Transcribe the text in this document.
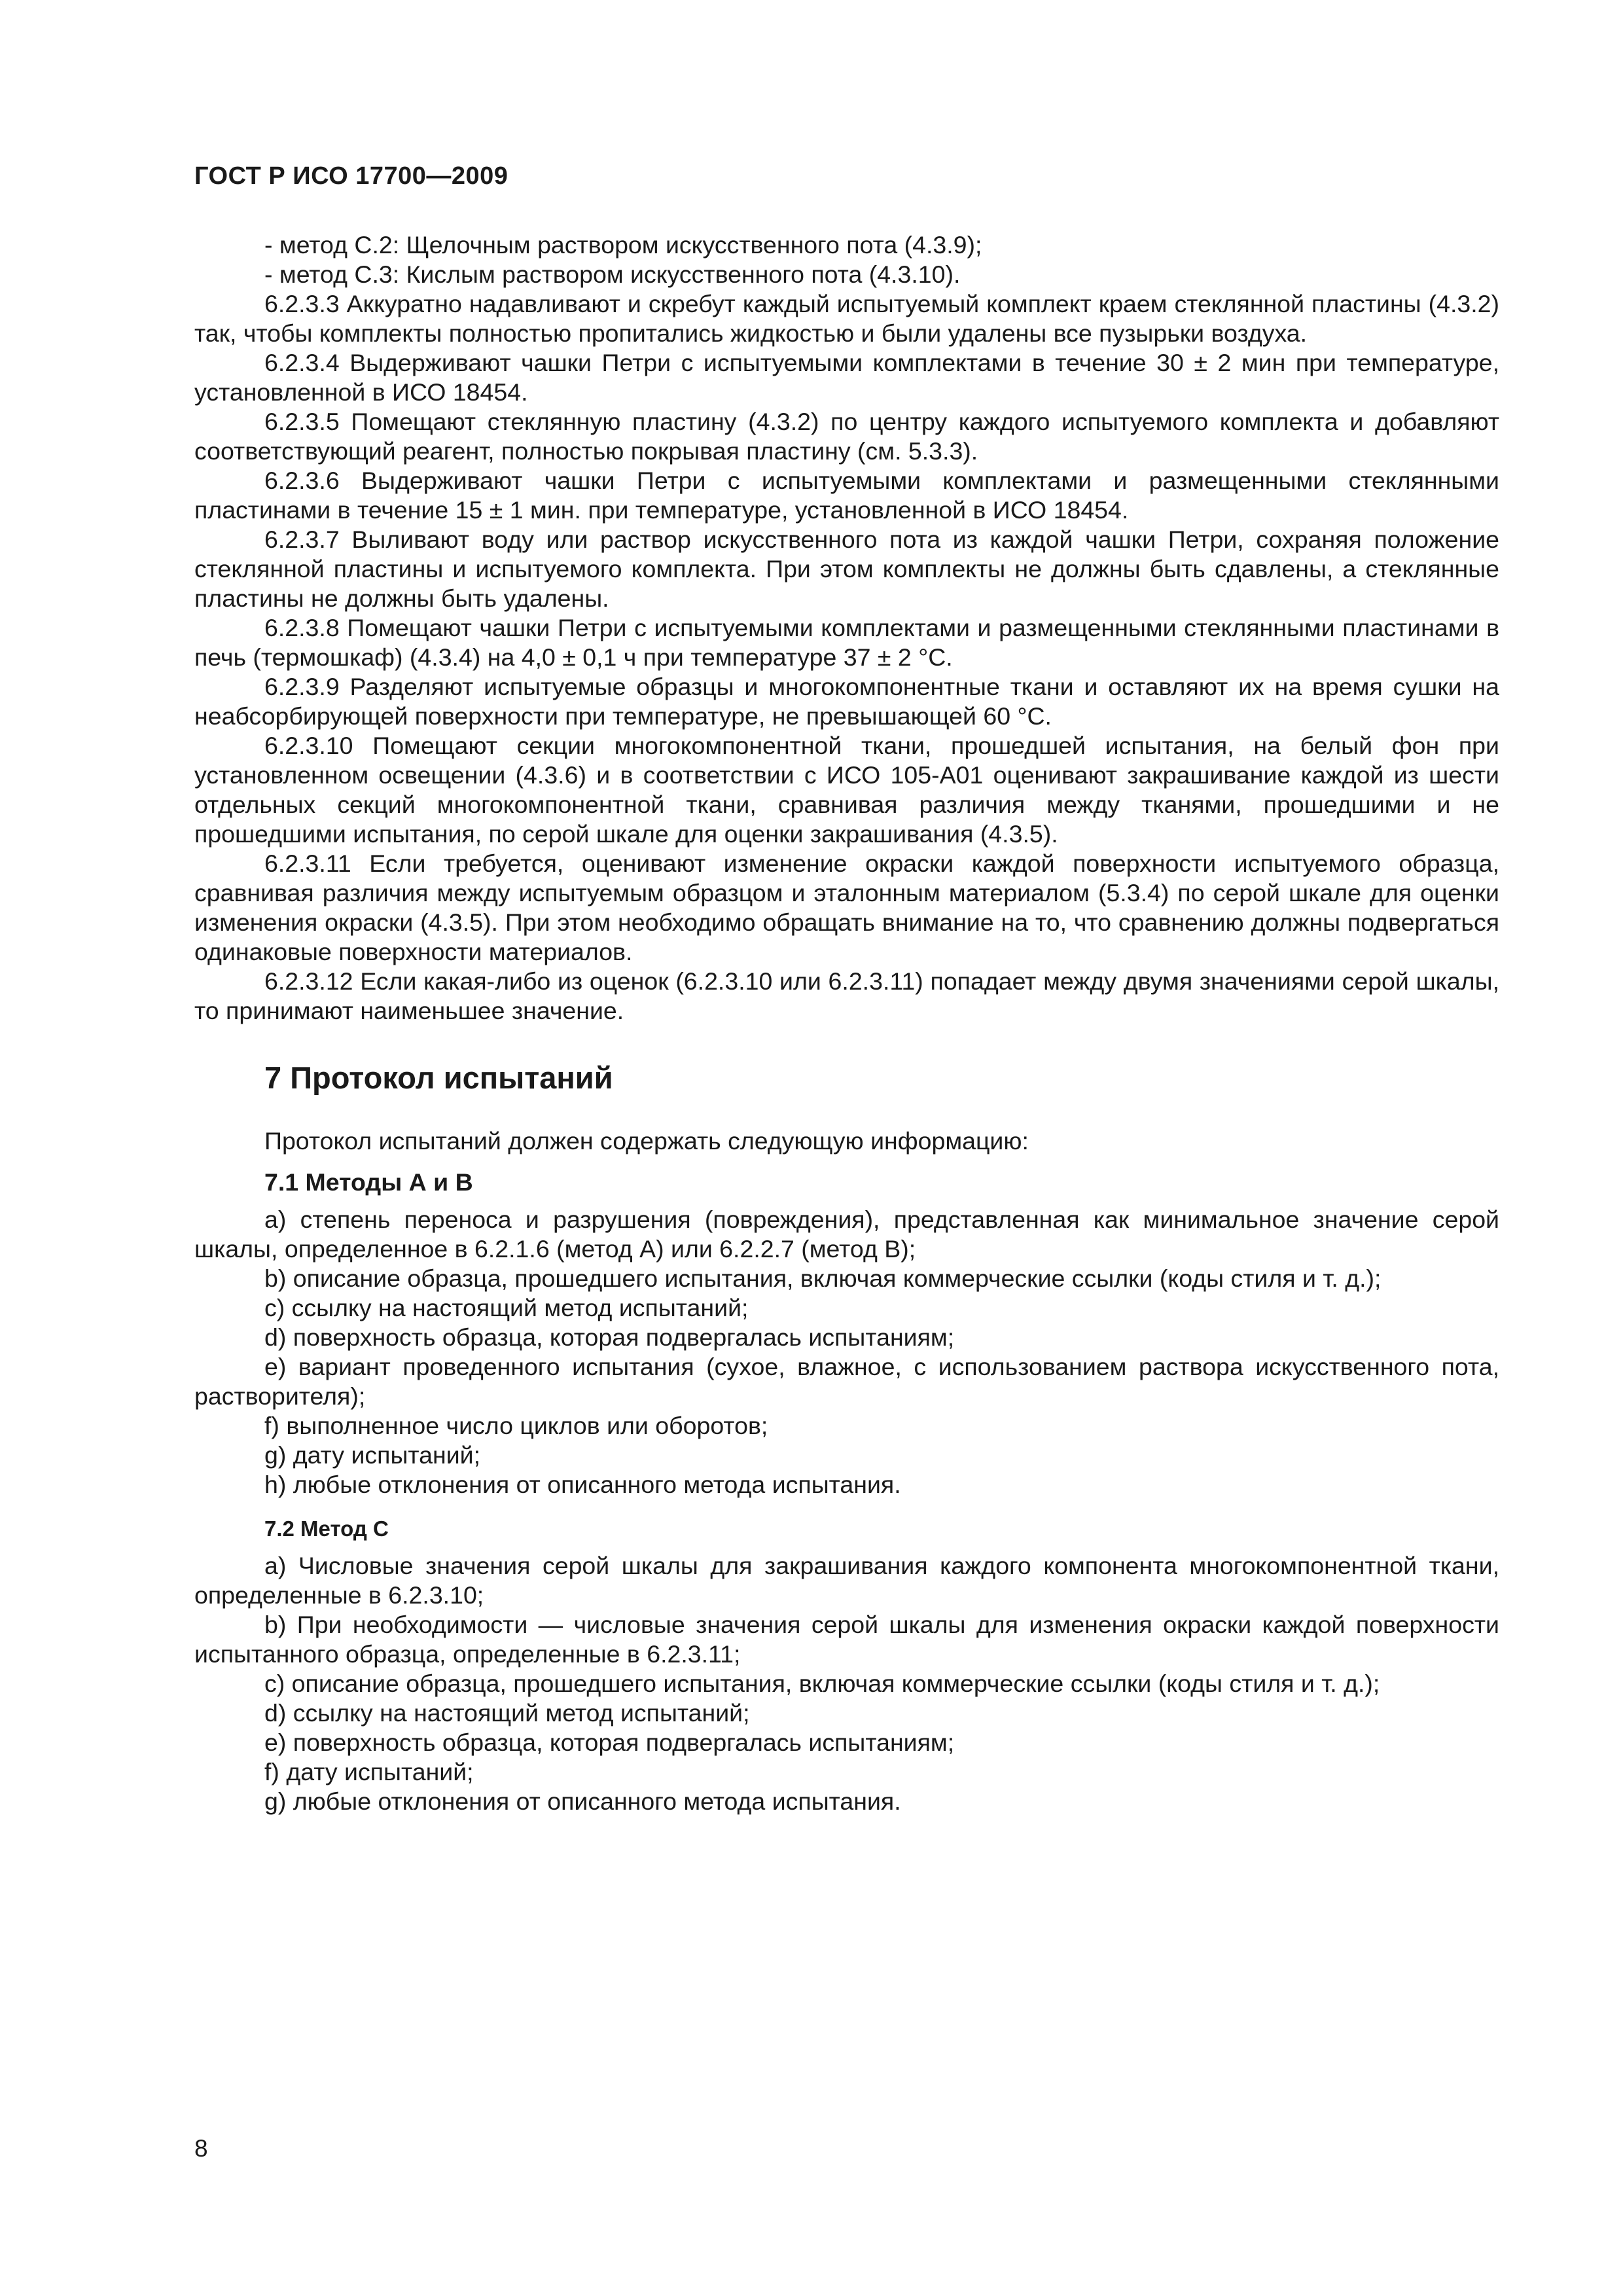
ГОСТ Р ИСО 17700—2009

- метод С.2: Щелочным раствором искусственного пота (4.3.9);

- метод С.3: Кислым раствором искусственного пота (4.3.10).

6.2.3.3 Аккуратно надавливают и скребут каждый испытуемый комплект краем стеклянной пластины (4.3.2) так, чтобы комплекты полностью пропитались жидкостью и были удалены все пузырьки воздуха.

6.2.3.4 Выдерживают чашки Петри с испытуемыми комплектами в течение 30 ± 2 мин при температуре, установленной в ИСО 18454.

6.2.3.5 Помещают стеклянную пластину (4.3.2) по центру каждого испытуемого комплекта и добавляют соответствующий реагент, полностью покрывая пластину (см. 5.3.3).

6.2.3.6 Выдерживают чашки Петри с испытуемыми комплектами и размещенными стеклянными пластинами в течение 15 ± 1 мин. при температуре, установленной в ИСО 18454.

6.2.3.7 Выливают воду или раствор искусственного пота из каждой чашки Петри, сохраняя положение стеклянной пластины и испытуемого комплекта. При этом комплекты не должны быть сдавлены, а стеклянные пластины не должны быть удалены.

6.2.3.8 Помещают чашки Петри с испытуемыми комплектами и размещенными стеклянными пластинами в печь (термошкаф) (4.3.4) на 4,0 ± 0,1 ч при температуре 37 ± 2 °С.

6.2.3.9 Разделяют испытуемые образцы и многокомпонентные ткани и оставляют их на время сушки на неабсорбирующей поверхности при температуре, не превышающей 60 °С.

6.2.3.10 Помещают секции многокомпонентной ткани, прошедшей испытания, на белый фон при установленном освещении (4.3.6) и в соответствии с ИСО 105-А01 оценивают закрашивание каждой из шести отдельных секций многокомпонентной ткани, сравнивая различия между тканями, прошедшими и не прошедшими испытания, по серой шкале для оценки закрашивания (4.3.5).

6.2.3.11 Если требуется, оценивают изменение окраски каждой поверхности испытуемого образца, сравнивая различия между испытуемым образцом и эталонным материалом (5.3.4) по серой шкале для оценки изменения окраски (4.3.5). При этом необходимо обращать внимание на то, что сравнению должны подвергаться одинаковые поверхности материалов.

6.2.3.12 Если какая-либо из оценок (6.2.3.10 или 6.2.3.11) попадает между двумя значениями серой шкалы, то принимают наименьшее значение.

7 Протокол испытаний

Протокол испытаний должен содержать следующую информацию:

7.1 Методы А и В

а) степень переноса и разрушения (повреждения), представленная как минимальное значение серой шкалы, определенное в 6.2.1.6 (метод А) или 6.2.2.7 (метод В);

b) описание образца, прошедшего испытания, включая коммерческие ссылки (коды стиля и т. д.);

c) ссылку на настоящий метод испытаний;

d) поверхность образца, которая подвергалась испытаниям;

e) вариант проведенного испытания (сухое, влажное, с использованием раствора искусственного пота, растворителя);

f) выполненное число циклов или оборотов;

g) дату испытаний;

h) любые отклонения от описанного метода испытания.

7.2 Метод С

а) Числовые значения серой шкалы для закрашивания каждого компонента многокомпонентной ткани, определенные в 6.2.3.10;

b) При необходимости — числовые значения серой шкалы для изменения окраски каждой поверхности испытанного образца, определенные в 6.2.3.11;

c) описание образца, прошедшего испытания, включая коммерческие ссылки (коды стиля и т. д.);

d) ссылку на настоящий метод испытаний;

e) поверхность образца, которая подвергалась испытаниям;

f) дату испытаний;

g) любые отклонения от описанного метода испытания.

8
